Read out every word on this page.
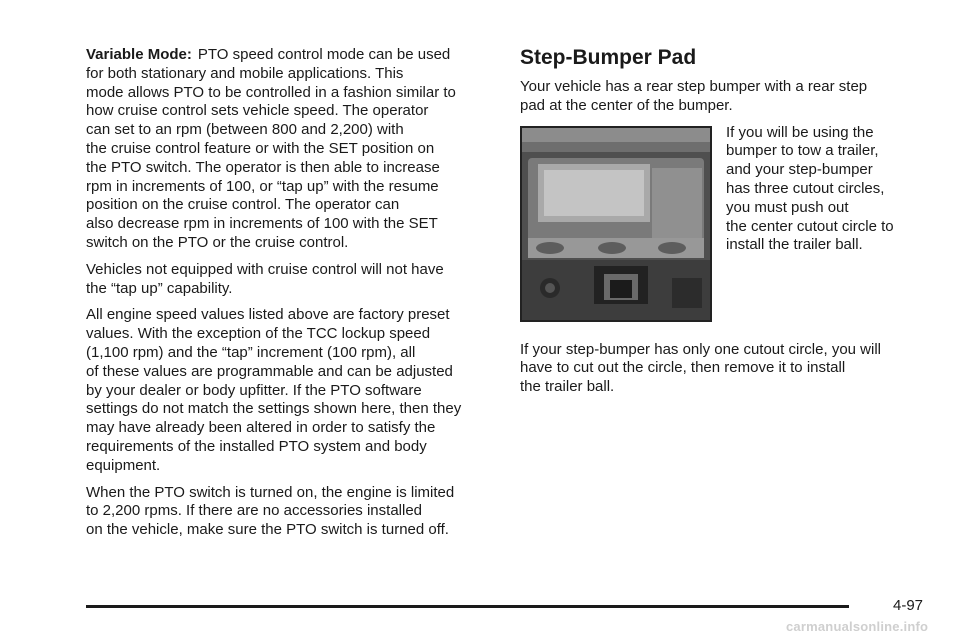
Variable Mode: PTO speed control mode can be used
for both stationary and mobile applications. This
mode allows PTO to be controlled in a fashion similar to
how cruise control sets vehicle speed. The operator
can set to an rpm (between 800 and 2,200) with
the cruise control feature or with the SET position on
the PTO switch. The operator is then able to increase
rpm in increments of 100, or “tap up” with the resume
position on the cruise control. The operator can
also decrease rpm in increments of 100 with the SET
switch on the PTO or the cruise control.

Vehicles not equipped with cruise control will not have
the “tap up” capability.

All engine speed values listed above are factory preset
values. With the exception of the TCC lockup speed
(1,100 rpm) and the “tap” increment (100 rpm), all
of these values are programmable and can be adjusted
by your dealer or body upfitter. If the PTO software
settings do not match the settings shown here, then they
may have already been altered in order to satisfy the
requirements of the installed PTO system and body
equipment.

When the PTO switch is turned on, the engine is limited
to 2,200 rpms. If there are no accessories installed
on the vehicle, make sure the PTO switch is turned off.

Step-Bumper Pad

Your vehicle has a rear step bumper with a rear step
pad at the center of the bumper.

If you will be using the
bumper to tow a trailer,
and your step-bumper
has three cutout circles,
you must push out
the center cutout circle to
install the trailer ball.

If your step-bumper has only one cutout circle, you will
have to cut out the circle, then remove it to install
the trailer ball.

4-97
carmanualsonline.info
